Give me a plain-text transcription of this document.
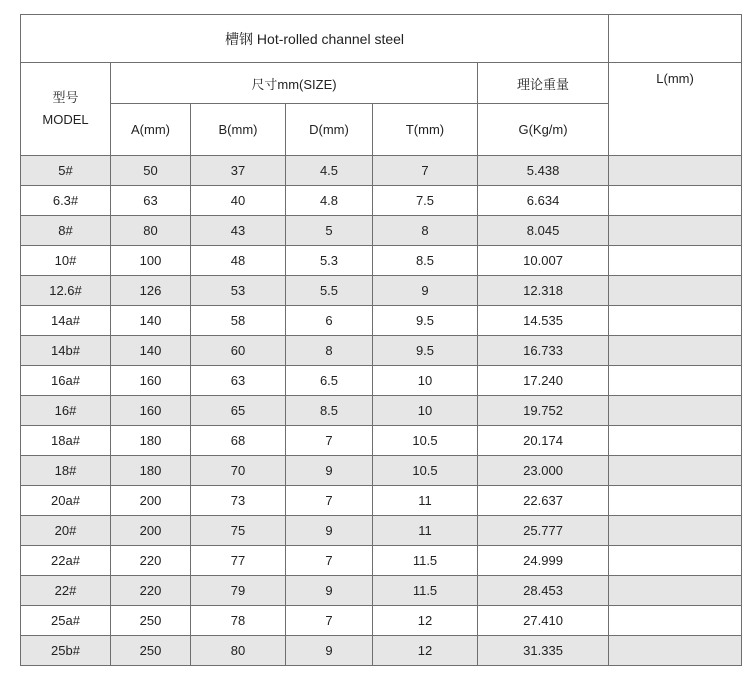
槽钢 Hot-rolled channel steel						

型号
MODEL	尺寸mm(SIZE)				理论重量	L(mm)
	A(mm)	B(mm)	D(mm)	T(mm)	G(Kg/m)	
5#	50	37	4.5	7	5.438	
6.3#	63	40	4.8	7.5	6.634	
8#	80	43	5	8	8.045	
10#	100	48	5.3	8.5	10.007	
12.6#	126	53	5.5	9	12.318	
14a#	140	58	6	9.5	14.535	
14b#	140	60	8	9.5	16.733	
16a#	160	63	6.5	10	17.240	
16#	160	65	8.5	10	19.752	
18a#	180	68	7	10.5	20.174	
18#	180	70	9	10.5	23.000	
20a#	200	73	7	11	22.637	
20#	200	75	9	11	25.777	
22a#	220	77	7	11.5	24.999	
22#	220	79	9	11.5	28.453	
25a#	250	78	7	12	27.410	
25b#	250	80	9	12	31.335	
